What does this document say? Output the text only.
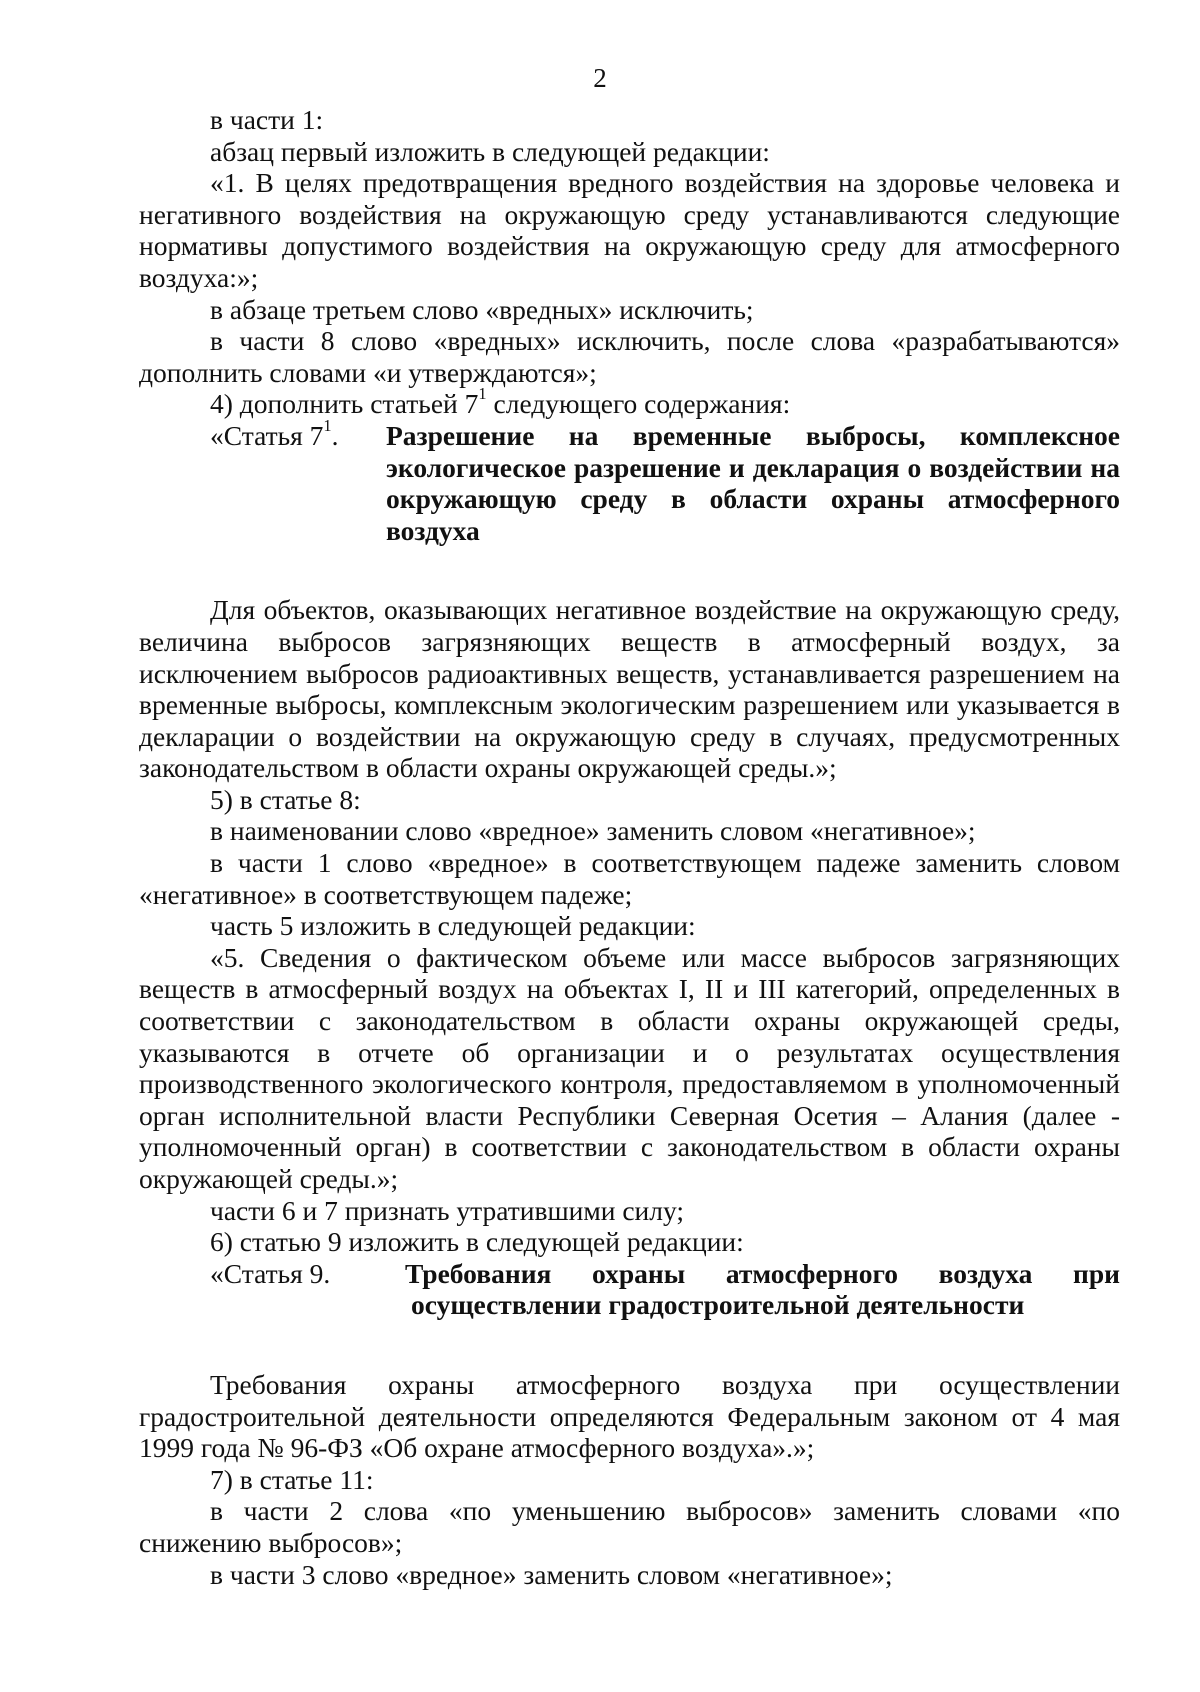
2

в части 1:

абзац первый изложить в следующей редакции:

«1. В целях предотвращения вредного воздействия на здоровье человека и негативного воздействия на окружающую среду устанавливаются следующие нормативы допустимого воздействия на окружающую среду для атмосферного воздуха:»;

в абзаце третьем слово «вредных» исключить;

в части 8 слово «вредных» исключить, после слова «разрабатываются» дополнить словами «и утверждаются»;

4) дополнить статьей $7^1$ следующего содержания:

«Статья $7^1$.	Разрешение на временные выбросы, комплексное экологическое разрешение и декларация о воздействии на окружающую среду в области охраны атмосферного воздуха

Для объектов, оказывающих негативное воздействие на окружающую среду, величина выбросов загрязняющих веществ в атмосферный воздух, за исключением выбросов радиоактивных веществ, устанавливается разрешением на временные выбросы, комплексным экологическим разрешением или указывается в декларации о воздействии на окружающую среду в случаях, предусмотренных законодательством в области охраны окружающей среды.»;

5) в статье 8:

в наименовании слово «вредное» заменить словом «негативное»;

в части 1 слово «вредное» в соответствующем падеже заменить словом «негативное» в соответствующем падеже;

часть 5 изложить в следующей редакции:

«5. Сведения о фактическом объеме или массе выбросов загрязняющих веществ в атмосферный воздух на объектах I, II и III категорий, определенных в соответствии с законодательством в области охраны окружающей среды, указываются в отчете об организации и о результатах осуществления производственного экологического контроля, предоставляемом в уполномоченный орган исполнительной власти Республики Северная Осетия – Алания (далее - уполномоченный орган) в соответствии с законодательством в области охраны окружающей среды.»;

части 6 и 7 признать утратившими силу;

6) статью 9 изложить в следующей редакции:

«Статья 9.	Требования охраны атмосферного воздуха при
осуществлении градостроительной деятельности

Требования охраны атмосферного воздуха при осуществлении градостроительной деятельности определяются Федеральным законом от 4 мая 1999 года № 96-ФЗ «Об охране атмосферного воздуха».»;

7) в статье 11:

в части 2 слова «по уменьшению выбросов» заменить словами «по снижению выбросов»;

в части 3 слово «вредное» заменить словом «негативное»;
